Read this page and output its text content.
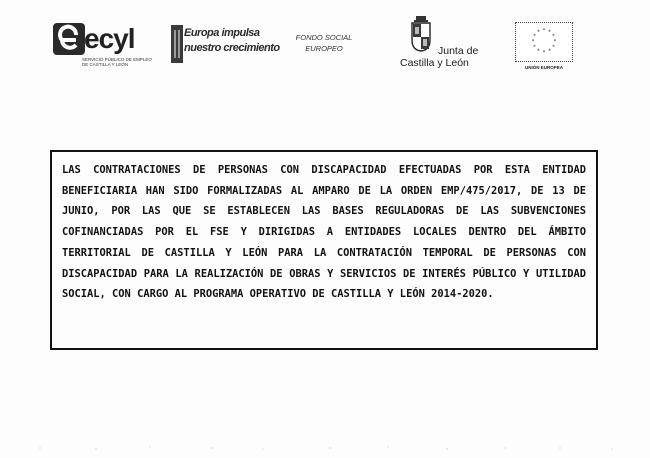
ecyl
SERVICIO PÚBLICO DE EMPLEO DE CASTILLA Y LEÓN
Europa impulsa
nuestro crecimiento
FONDO SOCIAL
EUROPEO	Junta de
Castilla y León
* *
*
*
*
*
*
*
*
*
*
*
UNIÓN EUROPEA
LAS CONTRATACIONES DE PERSONAS CON DISCAPACIDAD EFECTUADAS POR ESTA ENTIDAD BENEFICIARIA HAN SIDO FORMALIZADAS AL AMPARO DE LA ORDEN EMP/475/2017, DE 13 DE JUNIO, POR LAS QUE SE ESTABLECEN LAS BASES REGULADORAS DE LAS SUBVENCIONES COFINANCIADAS POR EL FSE Y DIRIGIDAS A ENTIDADES LOCALES DENTRO DEL ÁMBITO TERRITORIAL DE CASTILLA Y LEÓN PARA LA CONTRATACIÓN TEMPORAL DE PERSONAS CON DISCAPACIDAD PARA LA REALIZACIÓN DE OBRAS Y SERVICIOS DE INTERÉS PÚBLICO Y UTILIDAD SOCIAL, CON CARGO AL PROGRAMA OPERATIVO DE CASTILLA Y LEÓN 2014-2020.
